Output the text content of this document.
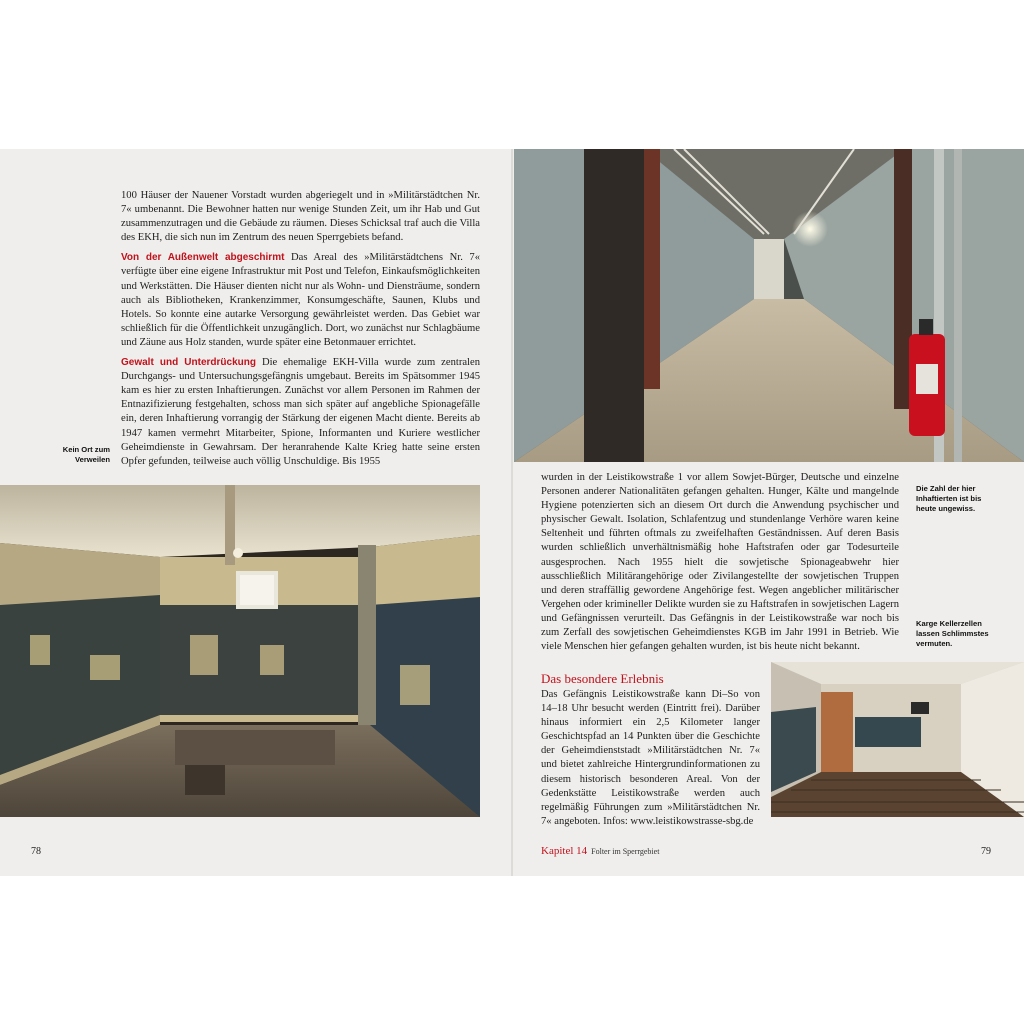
100 Häuser der Nauener Vorstadt wurden abgeriegelt und in »Militärstädtchen Nr. 7« umbenannt. Die Bewohner hatten nur wenige Stunden Zeit, um ihr Hab und Gut zusammenzutragen und die Gebäude zu räumen. Dieses Schicksal traf auch die Villa des EKH, die sich nun im Zentrum des neuen Sperrgebiets befand.

Von der Außenwelt abgeschirmt Das Areal des »Militärstädtchens Nr. 7« verfügte über eine eigene Infrastruktur mit Post und Telefon, Einkaufsmöglichkeiten und Werkstätten. Die Häuser dienten nicht nur als Wohn- und Diensträume, sondern auch als Bibliotheken, Krankenzimmer, Konsumgeschäfte, Saunen, Klubs und Hotels. So konnte eine autarke Versorgung gewährleistet werden. Das Gebiet war schließlich für die Öffentlichkeit unzugänglich. Dort, wo zunächst nur Schlagbäume und Zäune aus Holz standen, wurde später eine Betonmauer errichtet.

Gewalt und Unterdrückung Die ehemalige EKH-Villa wurde zum zentralen Durchgangs- und Untersuchungsgefängnis umgebaut. Bereits im Spätsommer 1945 kam es hier zu ersten Inhaftierungen. Zunächst vor allem Personen im Rahmen der Entnazifizierung festgehalten, schoss man sich später auf angebliche Spionagefälle ein, deren Inhaftierung vorrangig der Stärkung der eigenen Macht diente. Bereits ab 1947 kamen vermehrt Mitarbeiter, Spione, Informanten und Kuriere westlicher Geheimdienste in Gewahrsam. Der heranrahende Kalte Krieg hatte seine ersten Opfer gefunden, teilweise auch völlig Unschuldige. Bis 1955

Kein Ort zum Verweilen

78

wurden in der Leistikowstraße 1 vor allem Sowjet-Bürger, Deutsche und einzelne Personen anderer Nationalitäten gefangen gehalten. Hunger, Kälte und mangelnde Hygiene potenzierten sich an diesem Ort durch die Anwendung psychischer und physischer Gewalt. Isolation, Schlafentzug und stundenlange Verhöre waren keine Seltenheit und führten oftmals zu zweifelhaften Geständnissen. Auf deren Basis wurden schließlich unverhältnismäßig hohe Haftstrafen oder gar Todesurteile ausgesprochen. Nach 1955 hielt die sowjetische Spionageabwehr hier ausschließlich Militärangehörige oder Zivilangestellte der sowjetischen Truppen und deren straffällig gewordene Angehörige fest. Wegen angeblicher militärischer Vergehen oder krimineller Delikte wurden sie zu Haftstrafen in sowjetischen Lagern und Gefängnissen verurteilt. Das Gefängnis in der Leistikowstraße war noch bis zum Zerfall des sowjetischen Geheimdienstes KGB im Jahr 1991 in Betrieb. Wie viele Menschen hier gefangen gehalten wurden, ist bis heute nicht bekannt.

Die Zahl der hier Inhaftierten ist bis heute ungewiss.

Karge Kellerzellen lassen Schlimmstes vermuten.

Das besondere Erlebnis

Das Gefängnis Leistikowstraße kann Di–So von 14–18 Uhr besucht werden (Eintritt frei). Darüber hinaus informiert ein 2,5 Kilometer langer Geschichtspfad an 14 Punkten über die Geschichte der Geheimdienststadt »Militärstädtchen Nr. 7« und bietet zahlreiche Hintergrundinformationen zu diesem historisch besonderen Areal. Von der Gedenkstätte Leistikowstraße werden auch regelmäßig Führungen zum »Militärstädtchen Nr. 7« angeboten. Infos: www.leistikowstrasse-sbg.de

Kapitel 14 Folter im Sperrgebiet	79
